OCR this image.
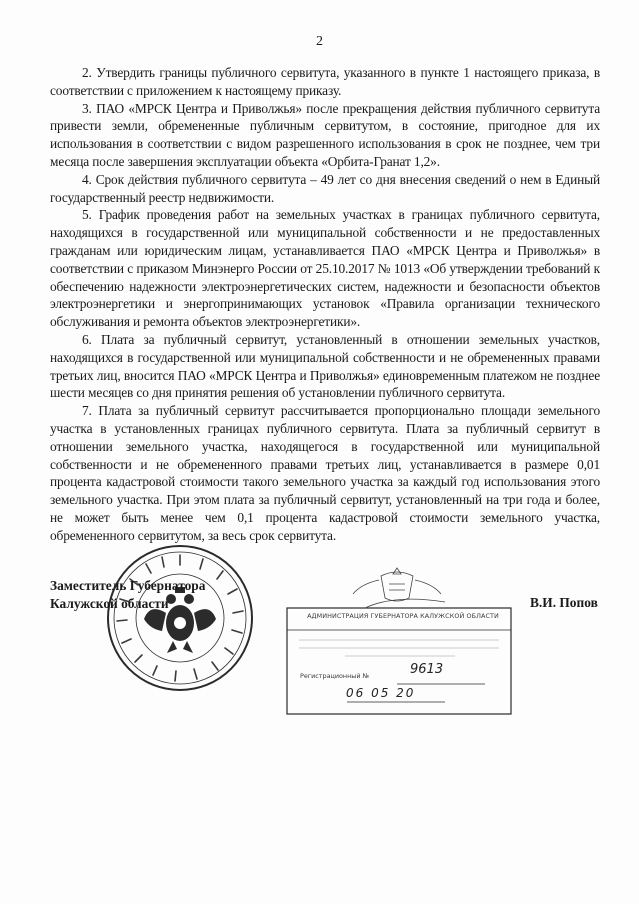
2

2. Утвердить границы публичного сервитута, указанного в пункте 1 настоящего приказа, в соответствии с приложением к настоящему приказу.

3. ПАО «МРСК Центра и Приволжья» после прекращения действия публичного сервитута привести земли, обремененные публичным сервитутом, в состояние, пригодное для их использования в соответствии с видом разрешенного использования в срок не позднее, чем три месяца после завершения эксплуатации объекта «Орбита-Гранат 1,2».

4. Срок действия публичного сервитута – 49 лет со дня внесения сведений о нем в Единый государственный реестр недвижимости.

5. График проведения работ на земельных участках в границах публичного сервитута, находящихся в государственной или муниципальной собственности и не предоставленных гражданам или юридическим лицам, устанавливается ПАО «МРСК Центра и Приволжья» в соответствии с приказом Минэнерго России от 25.10.2017 № 1013 «Об утверждении требований к обеспечению надежности электроэнергетических систем, надежности и безопасности объектов электроэнергетики и энергопринимающих установок «Правила организации технического обслуживания и ремонта объектов электроэнергетики».

6. Плата за публичный сервитут, установленный в отношении земельных участков, находящихся в государственной или муниципальной собственности и не обремененных правами третьих лиц, вносится ПАО «МРСК Центра и Приволжья» единовременным платежом не позднее шести месяцев со дня принятия решения об установлении публичного сервитута.

7. Плата за публичный сервитут рассчитывается пропорционально площади земельного участка в установленных границах публичного сервитута. Плата за публичный сервитут в отношении земельного участка, находящегося в государственной или муниципальной собственности и не обремененного правами третьих лиц, устанавливается в размере 0,01 процента кадастровой стоимости такого земельного участка за каждый год использования этого земельного участка. При этом плата за публичный сервитут, установленный на три года и более, не может быть менее чем 0,1 процента кадастровой стоимости земельного участка, обремененного сервитутом, за весь срок сервитута.

АДМИНИСТРАЦИЯ ГУБЕРНАТОРА КАЛУЖСКОЙ ОБЛАСТИ
Регистрационный №	9613
06 05 20
Заместитель Губернатора
Калужской области	В.И. Попов
